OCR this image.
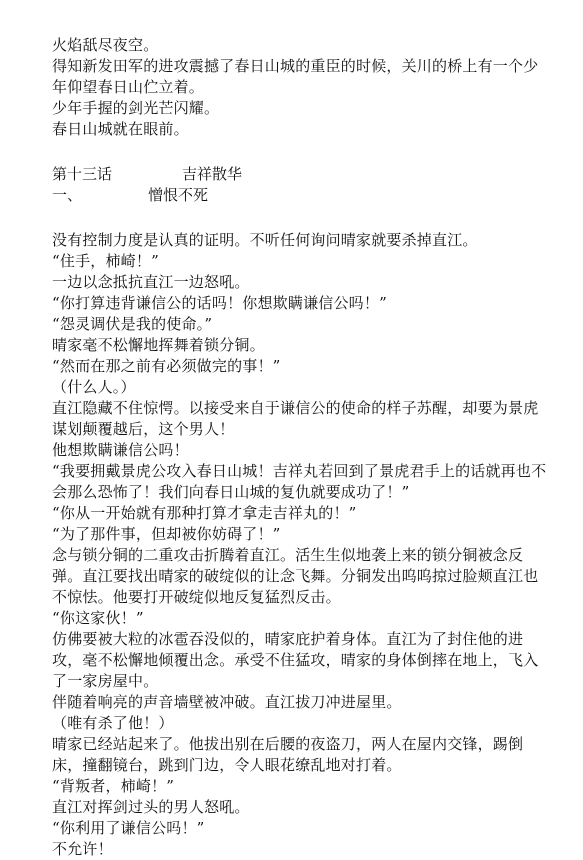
火焰舐尽夜空。

得知新发田军的进攻震撼了春日山城的重臣的时候，关川的桥上有一个少年仰望春日山伫立着。

少年手握的剑光芒闪耀。

春日山城就在眼前。

第十三话	吉祥散华
一、	憎恨不死

没有控制力度是认真的证明。不听任何询问晴家就要杀掉直江。

“住手，柿崎！”

一边以念抵抗直江一边怒吼。

“你打算违背谦信公的话吗！你想欺瞒谦信公吗！”

“怨灵调伏是我的使命。”

晴家毫不松懈地挥舞着锁分铜。

“然而在那之前有必须做完的事！”

（什么人。）

直江隐藏不住惊愕。以接受来自于谦信公的使命的样子苏醒，却要为景虎谋划颠覆越后，这个男人！

他想欺瞒谦信公吗！

“我要拥戴景虎公攻入春日山城！吉祥丸若回到了景虎君手上的话就再也不会那么恐怖了！我们向春日山城的复仇就要成功了！”

“你从一开始就有那种打算才拿走吉祥丸的！”

“为了那件事，但却被你妨碍了！”

念与锁分铜的二重攻击折腾着直江。活生生似地袭上来的锁分铜被念反弹。直江要找出晴家的破绽似的让念飞舞。分铜发出呜呜掠过脸颊直江也不惊怯。他要打开破绽似地反复猛烈反击。

“你这家伙！”

仿佛要被大粒的冰雹吞没似的，晴家庇护着身体。直江为了封住他的进攻，毫不松懈地倾覆出念。承受不住猛攻，晴家的身体倒摔在地上，飞入了一家房屋中。

伴随着响亮的声音墙壁被冲破。直江拔刀冲进屋里。

（唯有杀了他！）

晴家已经站起来了。他拔出别在后腰的夜盗刀，两人在屋内交锋，踢倒床，撞翻镜台，跳到门边，令人眼花缭乱地对打着。

“背叛者，柿崎！”

直江对挥剑过头的男人怒吼。

“你利用了谦信公吗！”

不允许！
